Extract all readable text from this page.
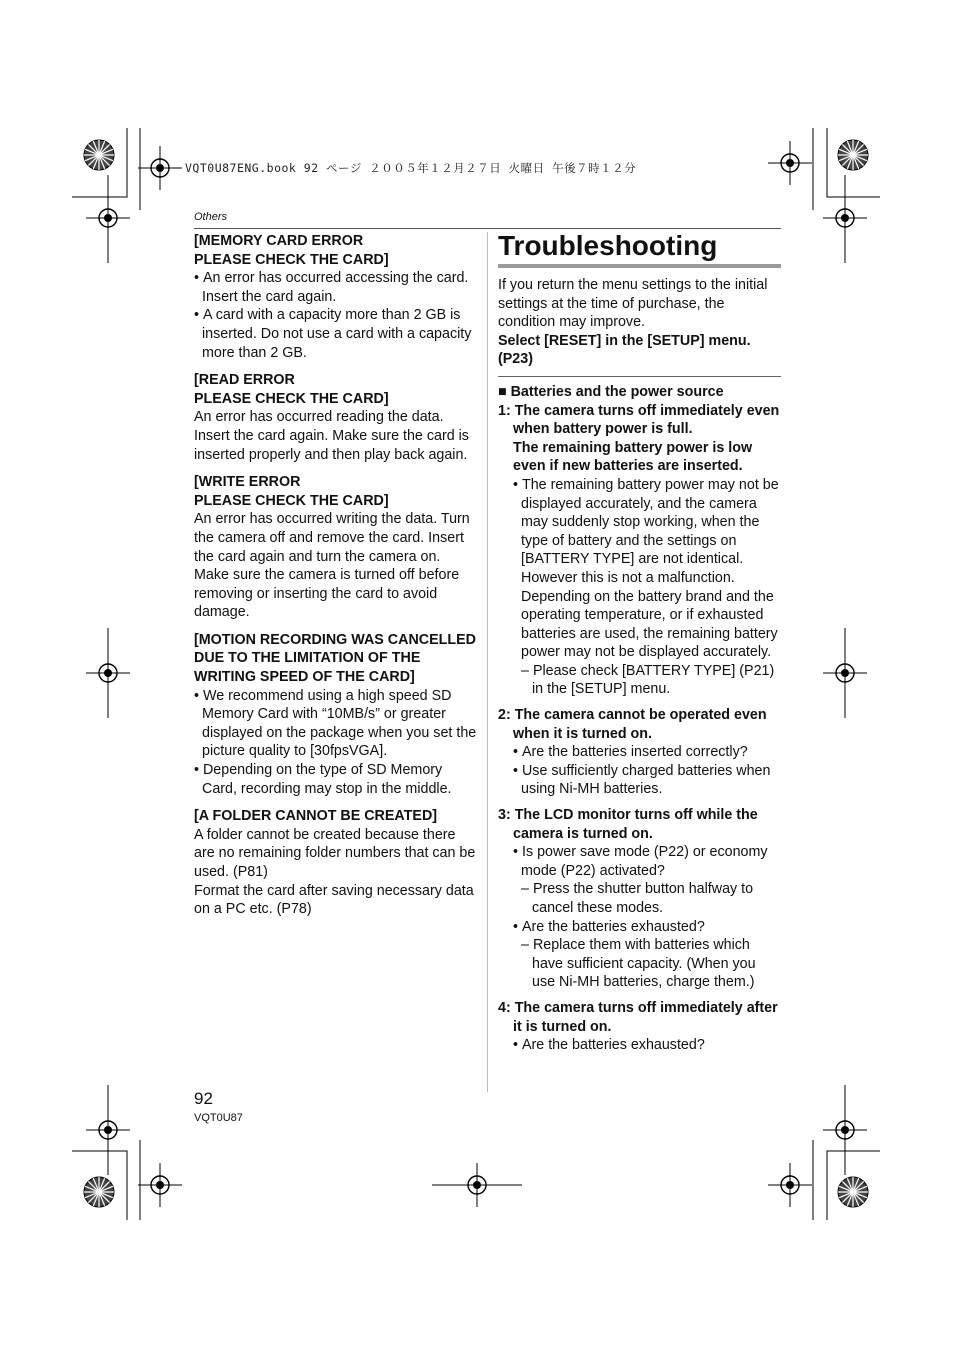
VQT0U87ENG.book 92 ページ ２００５年１２月２７日 火曜日 午後７時１２分
Others
[MEMORY CARD ERROR
PLEASE CHECK THE CARD]
• An error has occurred accessing the card. Insert the card again.
• A card with a capacity more than 2 GB is inserted. Do not use a card with a capacity more than 2 GB.
[READ ERROR
PLEASE CHECK THE CARD]
An error has occurred reading the data. Insert the card again. Make sure the card is inserted properly and then play back again.
[WRITE ERROR
PLEASE CHECK THE CARD]
An error has occurred writing the data. Turn the camera off and remove the card. Insert the card again and turn the camera on. Make sure the camera is turned off before removing or inserting the card to avoid damage.
[MOTION RECORDING WAS CANCELLED DUE TO THE LIMITATION OF THE WRITING SPEED OF THE CARD]
• We recommend using a high speed SD Memory Card with “10MB/s” or greater displayed on the package when you set the picture quality to [30fpsVGA].
• Depending on the type of SD Memory Card, recording may stop in the middle.
[A FOLDER CANNOT BE CREATED]
A folder cannot be created because there are no remaining folder numbers that can be used. (P81)
Format the card after saving necessary data on a PC etc. (P78)
Troubleshooting
If you return the menu settings to the initial settings at the time of purchase, the condition may improve.
Select [RESET] in the [SETUP] menu. (P23)
■ Batteries and the power source
1: The camera turns off immediately even when battery power is full.
The remaining battery power is low even if new batteries are inserted.
• The remaining battery power may not be displayed accurately, and the camera may suddenly stop working, when the type of battery and the settings on [BATTERY TYPE] are not identical. However this is not a malfunction. Depending on the battery brand and the operating temperature, or if exhausted batteries are used, the remaining battery power may not be displayed accurately.
– Please check [BATTERY TYPE] (P21) in the [SETUP] menu.
2: The camera cannot be operated even when it is turned on.
• Are the batteries inserted correctly?
• Use sufficiently charged batteries when using Ni-MH batteries.
3: The LCD monitor turns off while the camera is turned on.
• Is power save mode (P22) or economy mode (P22) activated?
– Press the shutter button halfway to cancel these modes.
• Are the batteries exhausted?
– Replace them with batteries which have sufficient capacity. (When you use Ni-MH batteries, charge them.)
4: The camera turns off immediately after it is turned on.
• Are the batteries exhausted?
92
VQT0U87
